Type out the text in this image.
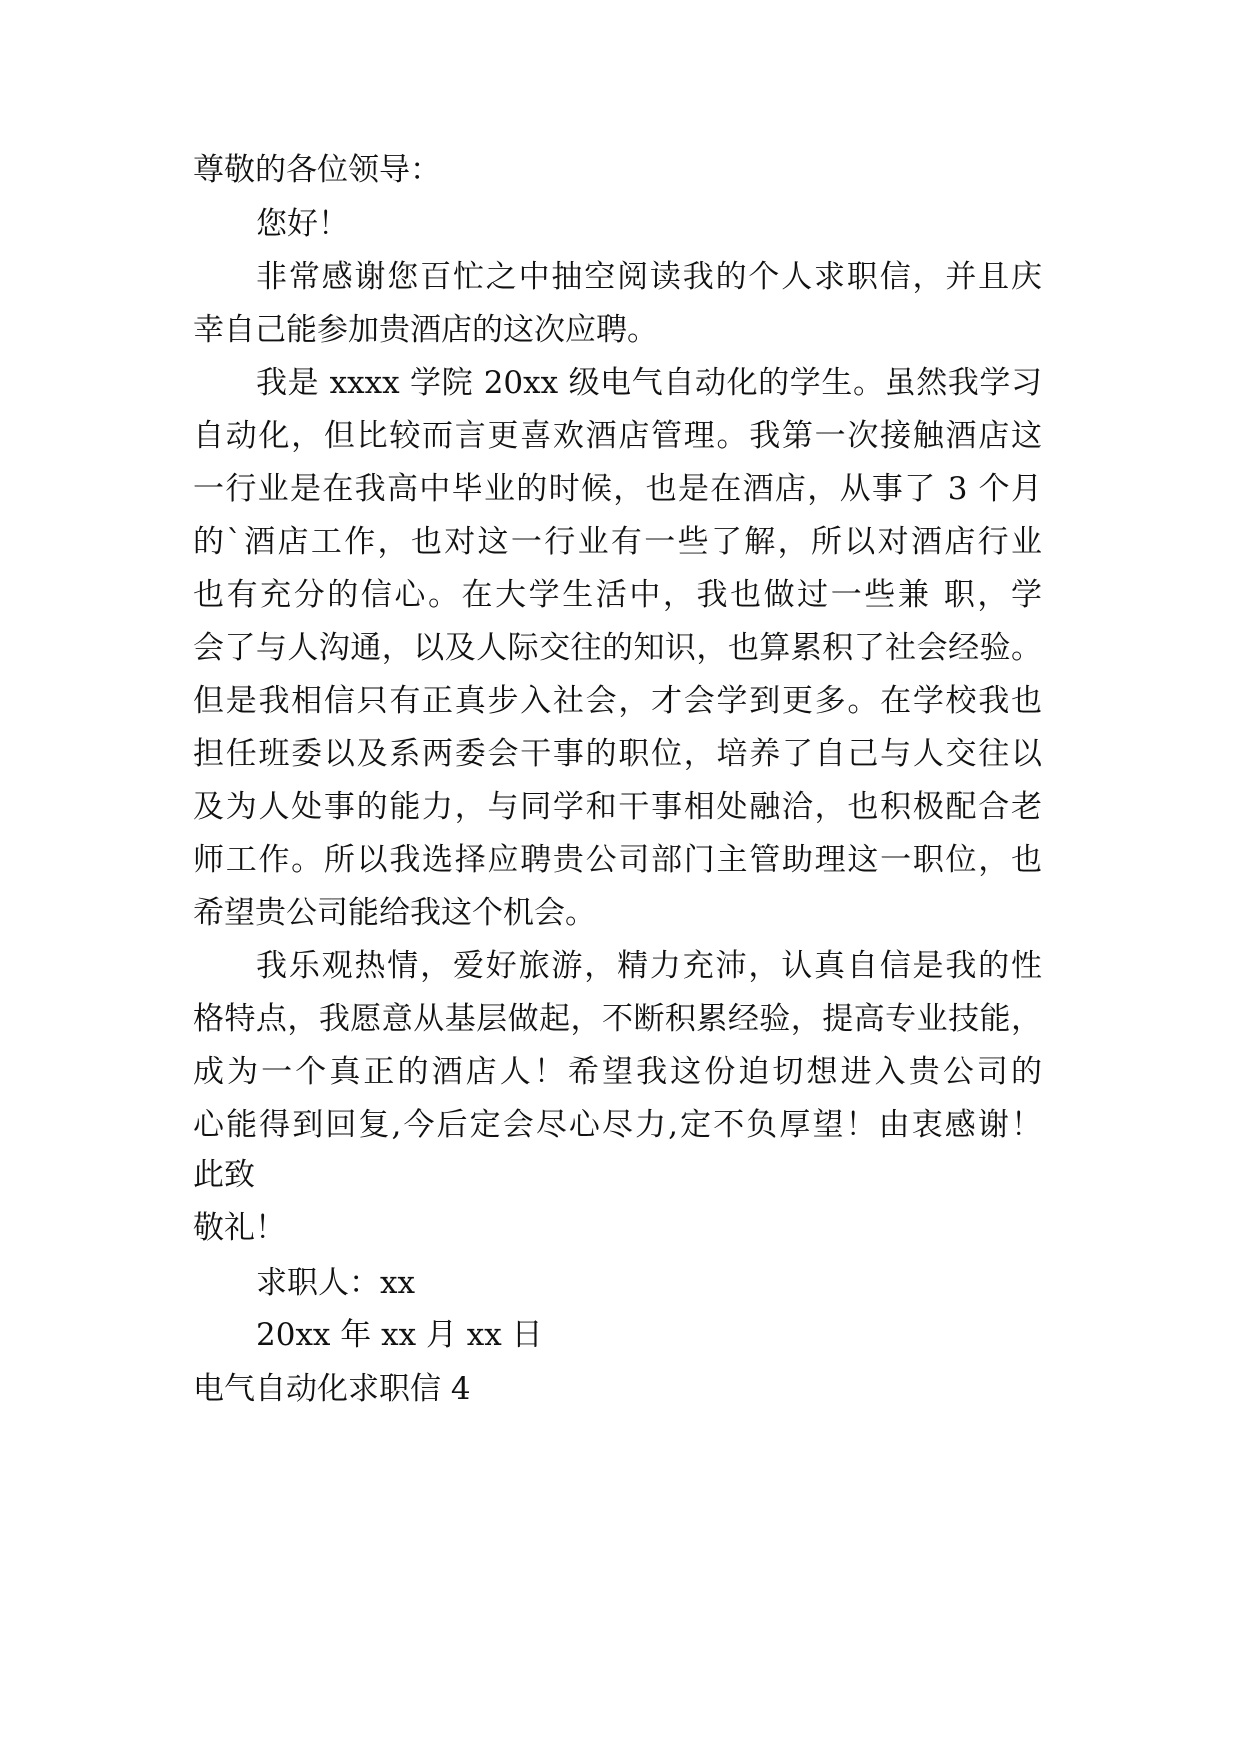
尊敬的各位领导：
您好！
非常感谢您百忙之中抽空阅读我的个人求职信，并且庆
幸自己能参加贵酒店的这次应聘。
我是 xxxx 学院 20xx 级电气自动化的学生。虽然我学习
自动化，但比较而言更喜欢酒店管理。我第一次接触酒店这
一行业是在我高中毕业的时候，也是在酒店，从事了 3 个月
的`酒店工作，也对这一行业有一些了解，所以对酒店行业
也有充分的信心。在大学生活中，我也做过一些兼 职，学
会了与人沟通，以及人际交往的知识，也算累积了社会经验。
但是我相信只有正真步入社会，才会学到更多。在学校我也
担任班委以及系两委会干事的职位，培养了自己与人交往以
及为人处事的能力，与同学和干事相处融洽，也积极配合老
师工作。所以我选择应聘贵公司部门主管助理这一职位，也
希望贵公司能给我这个机会。
我乐观热情，爱好旅游，精力充沛，认真自信是我的性
格特点，我愿意从基层做起，不断积累经验，提高专业技能，
成为一个真正的酒店人！希望我这份迫切想进入贵公司的
心能得到回复,今后定会尽心尽力,定不负厚望！由衷感谢！
此致
敬礼！
求职人：xx
20xx 年 xx 月 xx 日
电气自动化求职信 4
